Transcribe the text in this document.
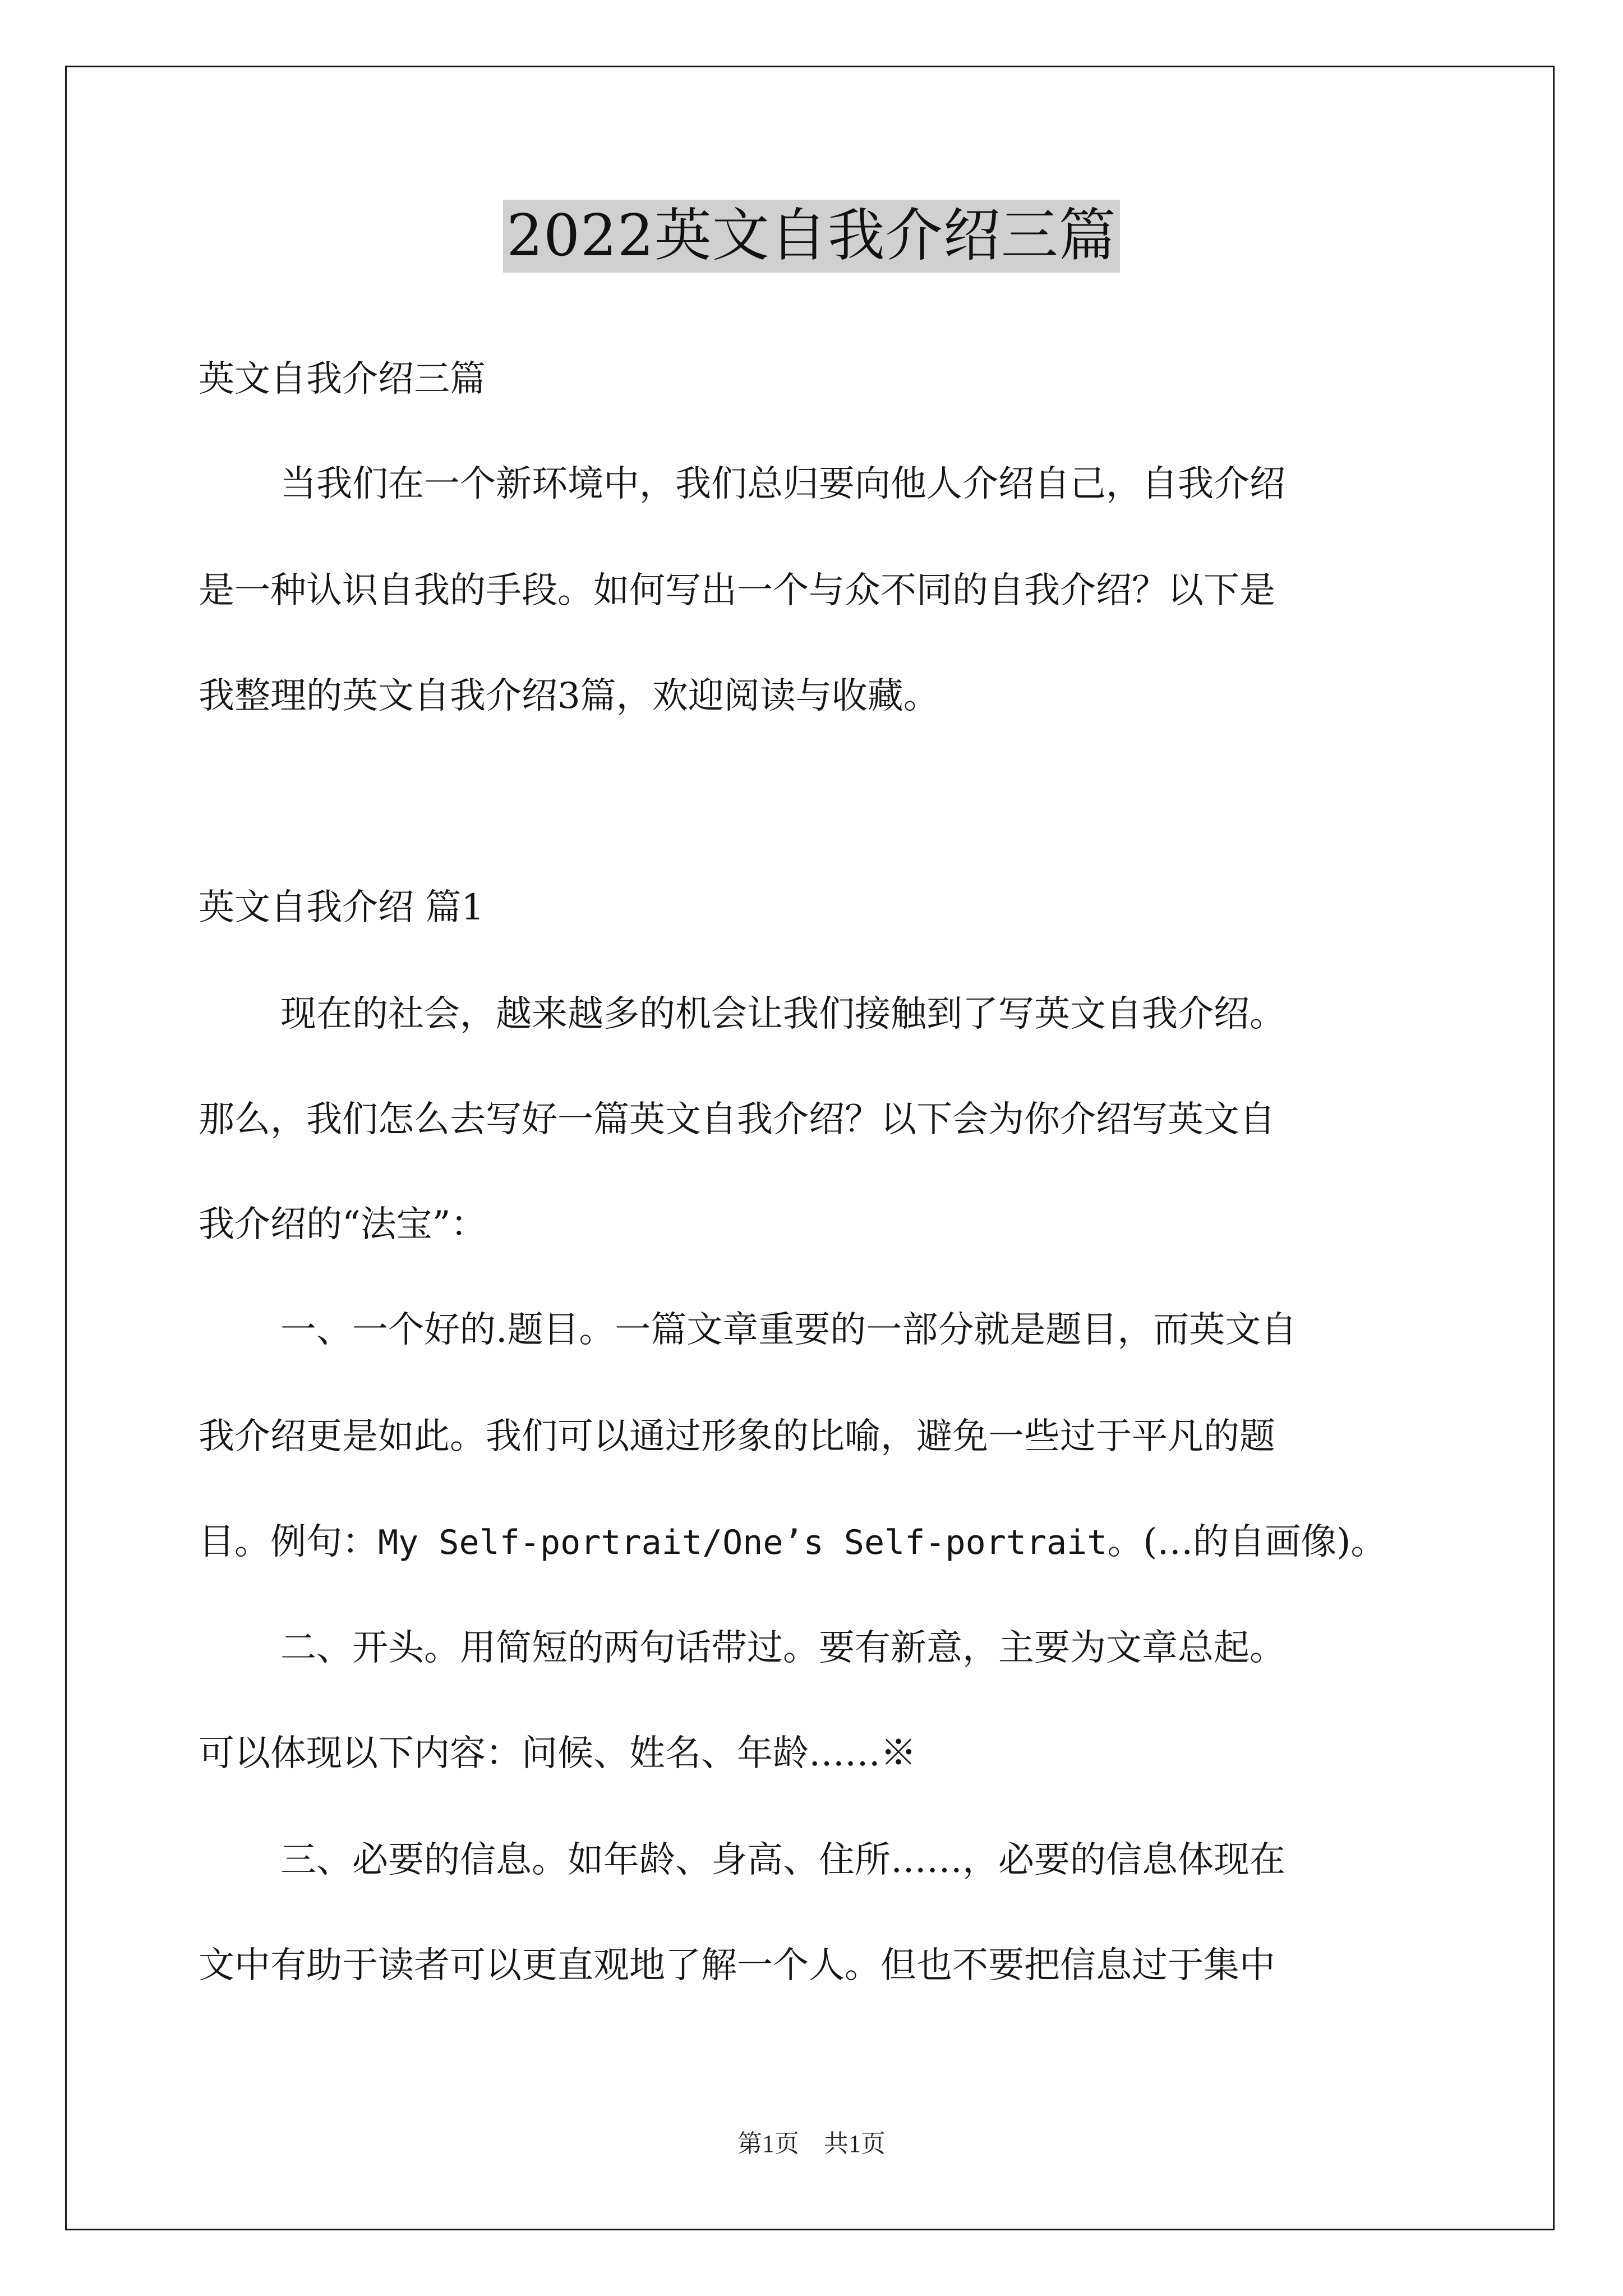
2022英文自我介绍三篇
英文自我介绍三篇
当我们在一个新环境中，我们总归要向他人介绍自己，自我介绍
是一种认识自我的手段。如何写出一个与众不同的自我介绍？以下是
我整理的英文自我介绍3篇，欢迎阅读与收藏。
英文自我介绍 篇1
现在的社会，越来越多的机会让我们接触到了写英文自我介绍。
那么，我们怎么去写好一篇英文自我介绍？以下会为你介绍写英文自
我介绍的“法宝”：
一、一个好的.题目。一篇文章重要的一部分就是题目，而英文自
我介绍更是如此。我们可以通过形象的比喻，避免一些过于平凡的题
目。例句：My Self-portrait/One’s Self-portrait。(…的自画像)。
二、开头。用简短的两句话带过。要有新意，主要为文章总起。
可以体现以下内容：问候、姓名、年龄……※
三、必要的信息。如年龄、身高、住所……，必要的信息体现在
文中有助于读者可以更直观地了解一个人。但也不要把信息过于集中
第1页　共1页
